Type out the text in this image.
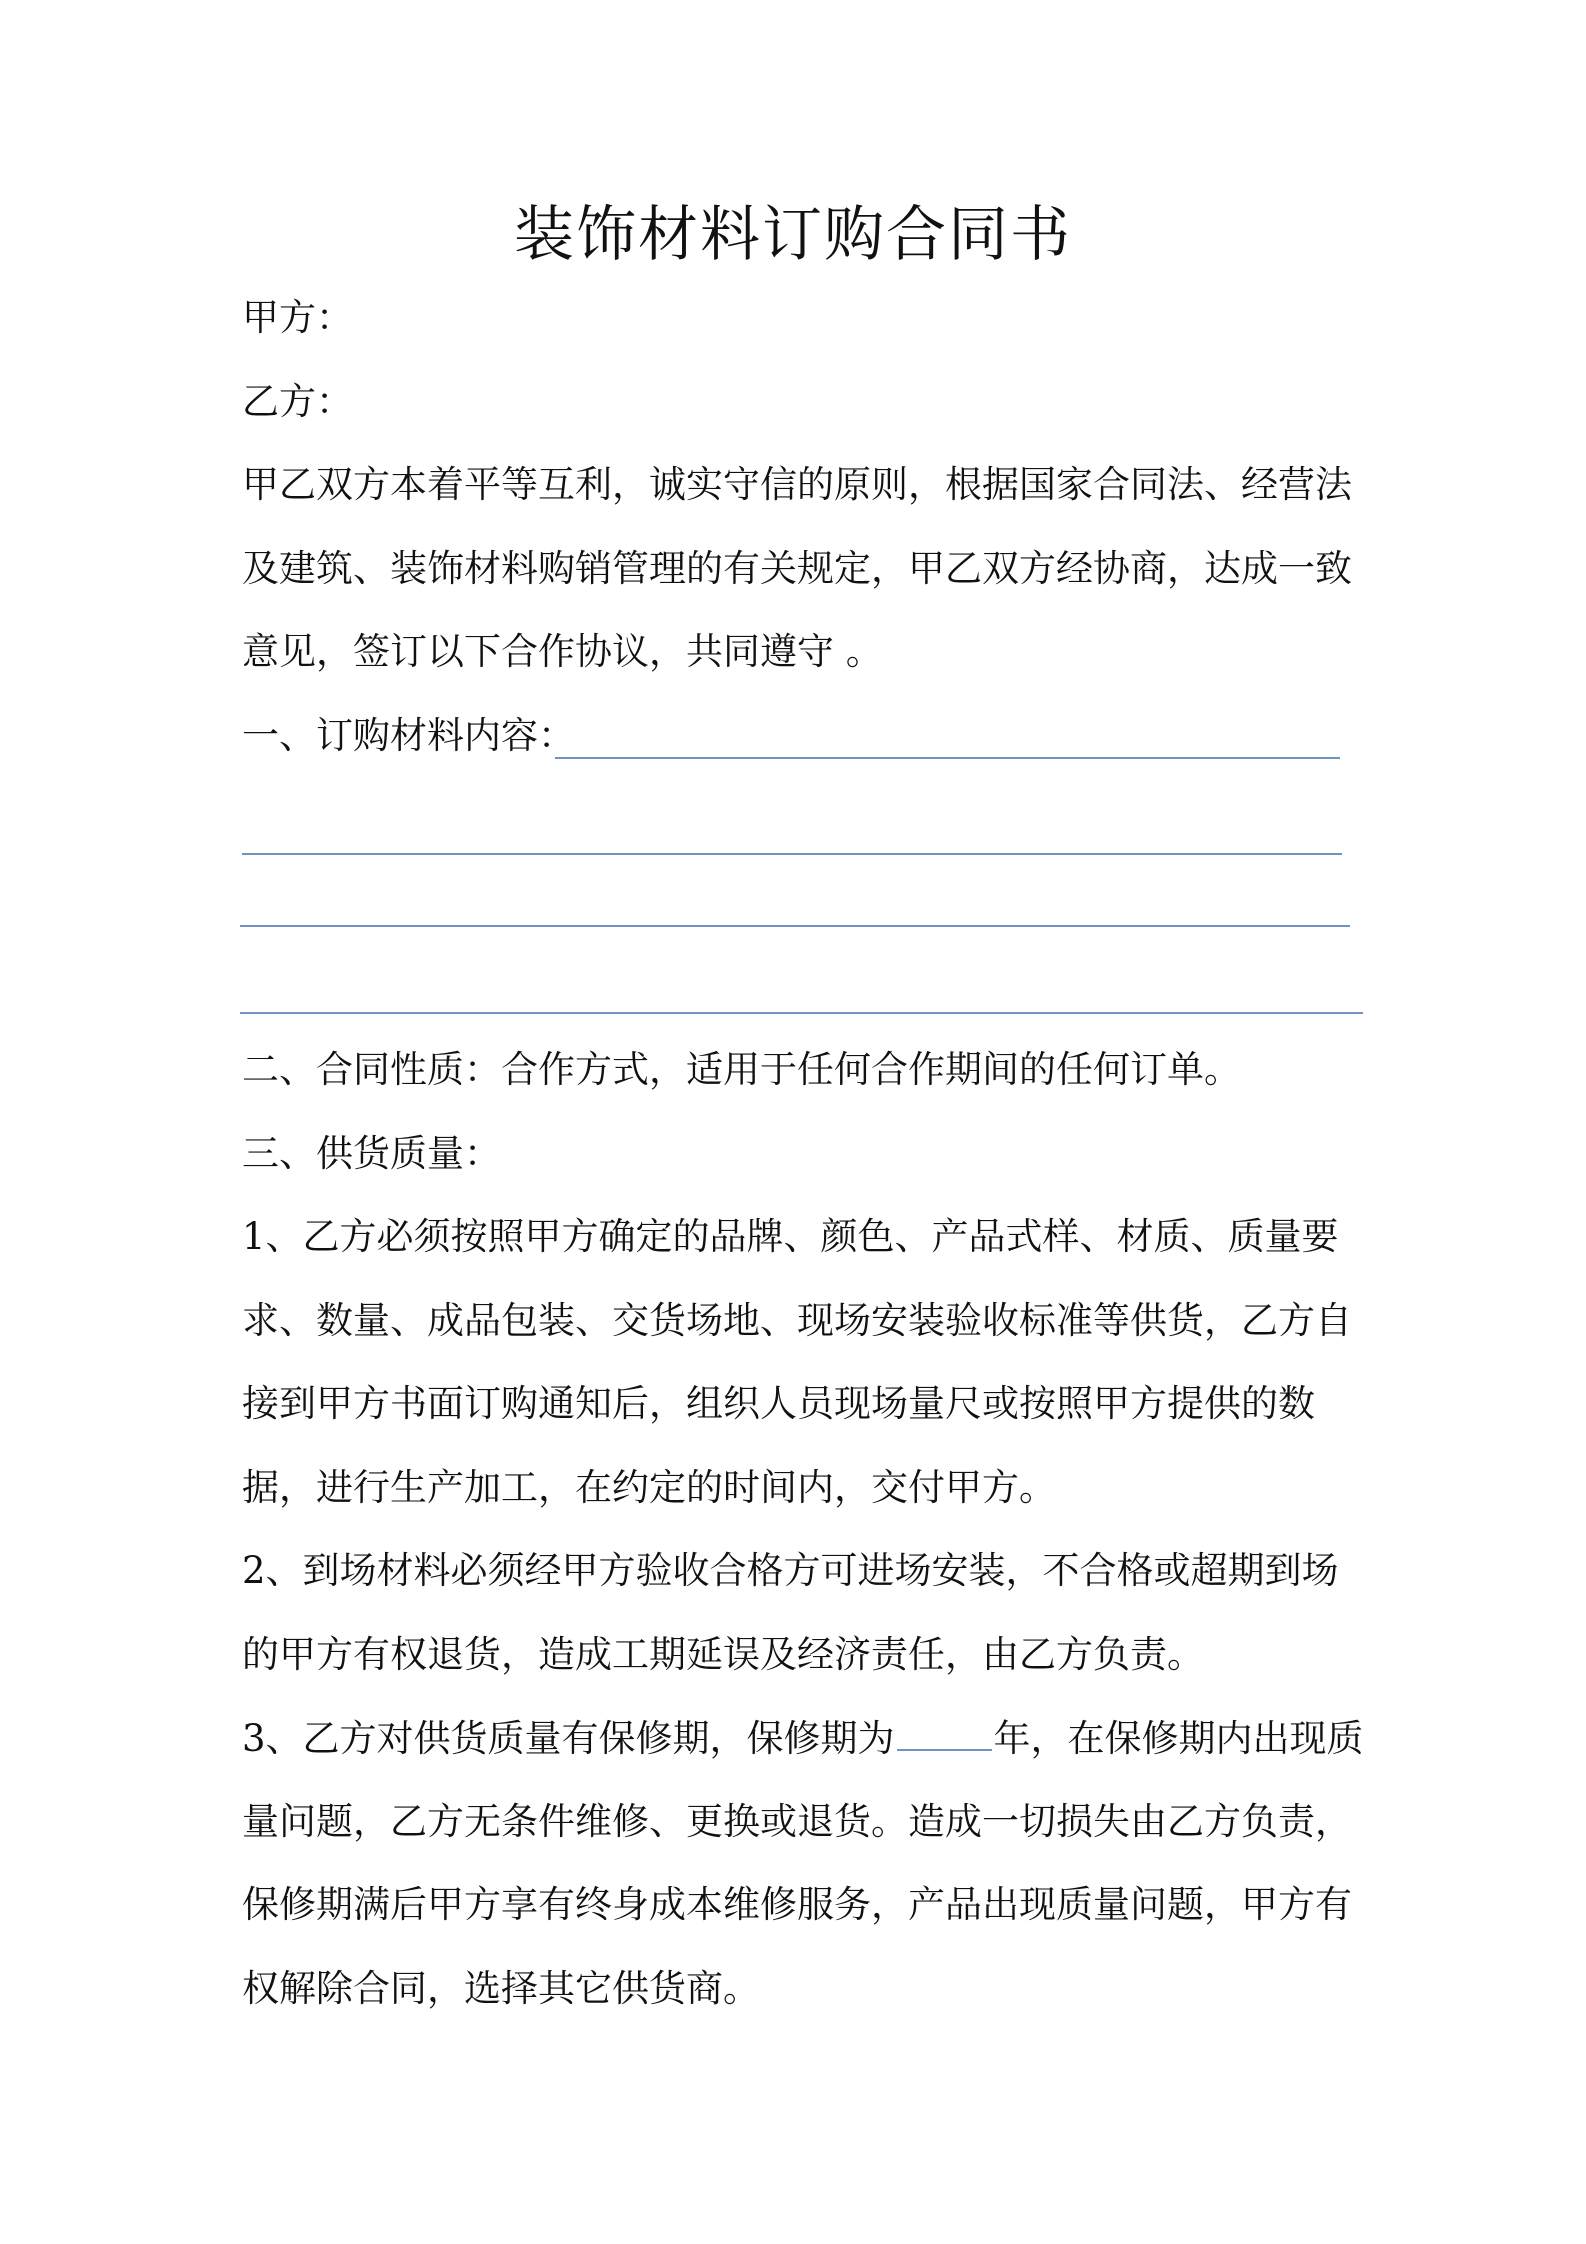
装饰材料订购合同书
甲方：
乙方：
甲乙双方本着平等互利，诚实守信的原则，根据国家合同法、经营法
及建筑、装饰材料购销管理的有关规定，甲乙双方经协商，达成一致
意见，签订以下合作协议，共同遵守 。
一、订购材料内容：
二、合同性质：合作方式，适用于任何合作期间的任何订单。
三、供货质量：
1、乙方必须按照甲方确定的品牌、颜色、产品式样、材质、质量要
求、数量、成品包装、交货场地、现场安装验收标准等供货，乙方自
接到甲方书面订购通知后，组织人员现场量尺或按照甲方提供的数
据，进行生产加工，在约定的时间内，交付甲方。
2、到场材料必须经甲方验收合格方可进场安装，不合格或超期到场
的甲方有权退货，造成工期延误及经济责任，由乙方负责。
3、乙方对供货质量有保修期，保修期为	年，在保修期内出现质
量问题，乙方无条件维修、更换或退货。造成一切损失由乙方负责，
保修期满后甲方享有终身成本维修服务，产品出现质量问题，甲方有
权解除合同，选择其它供货商。
